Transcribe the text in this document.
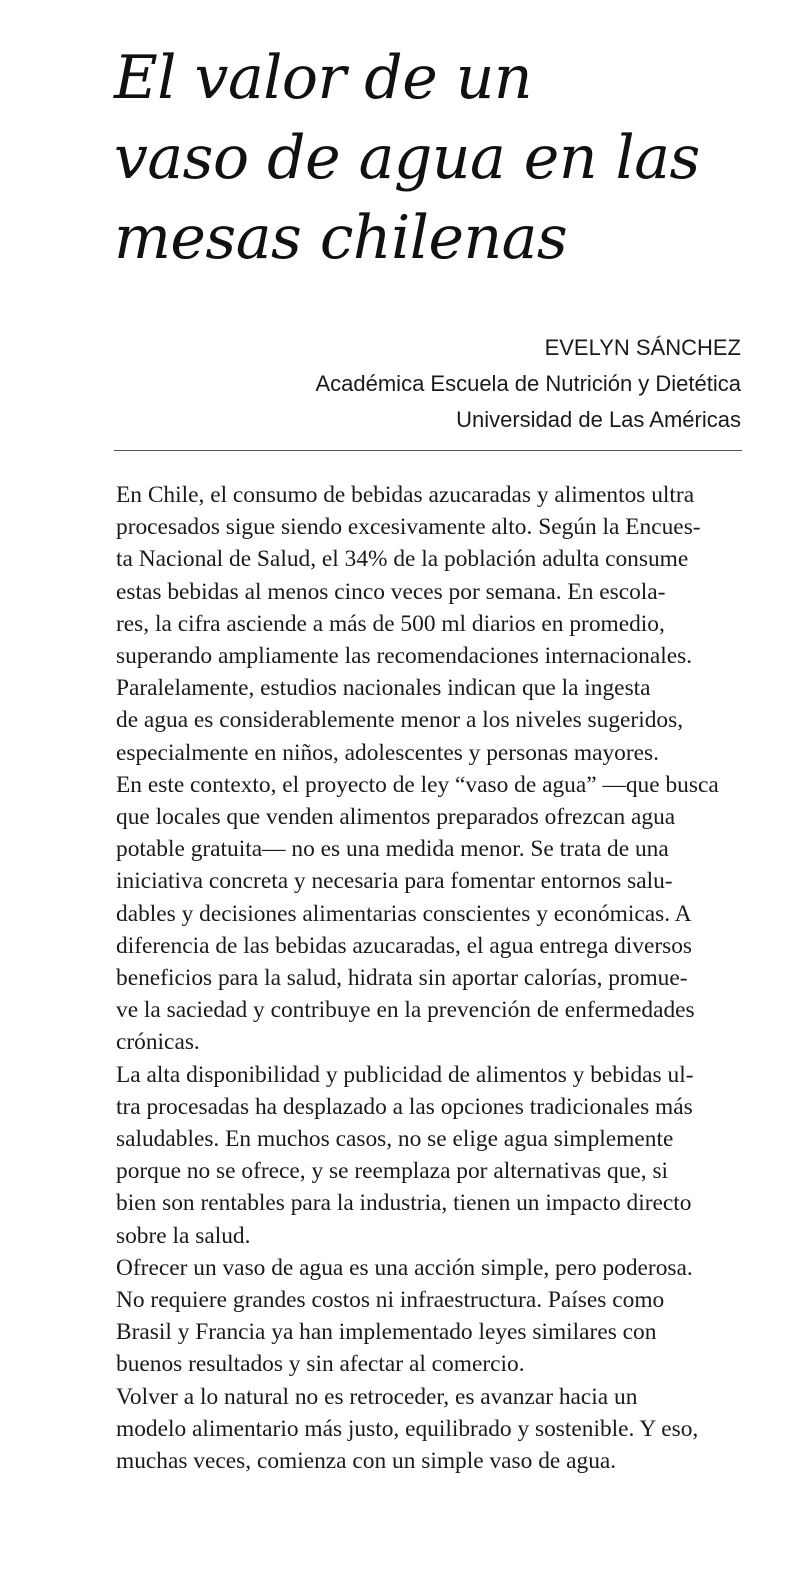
El valor de un
vaso de agua en las
mesas chilenas
EVELYN SÁNCHEZ
Académica Escuela de Nutrición y Dietética
Universidad de Las Américas

En Chile, el consumo de bebidas azucaradas y alimentos ultra
procesados sigue siendo excesivamente alto. Según la Encues-
ta Nacional de Salud, el 34% de la población adulta consume
estas bebidas al menos cinco veces por semana. En escola-
res, la cifra asciende a más de 500 ml diarios en promedio,
superando ampliamente las recomendaciones internacionales.
Paralelamente, estudios nacionales indican que la ingesta
de agua es considerablemente menor a los niveles sugeridos,
especialmente en niños, adolescentes y personas mayores.

En este contexto, el proyecto de ley “vaso de agua” —que busca
que locales que venden alimentos preparados ofrezcan agua
potable gratuita— no es una medida menor. Se trata de una
iniciativa concreta y necesaria para fomentar entornos salu-
dables y decisiones alimentarias conscientes y económicas. A
diferencia de las bebidas azucaradas, el agua entrega diversos
beneficios para la salud, hidrata sin aportar calorías, promue-
ve la saciedad y contribuye en la prevención de enfermedades
crónicas.

La alta disponibilidad y publicidad de alimentos y bebidas ul-
tra procesadas ha desplazado a las opciones tradicionales más
saludables. En muchos casos, no se elige agua simplemente
porque no se ofrece, y se reemplaza por alternativas que, si
bien son rentables para la industria, tienen un impacto directo
sobre la salud.

Ofrecer un vaso de agua es una acción simple, pero poderosa.
No requiere grandes costos ni infraestructura. Países como
Brasil y Francia ya han implementado leyes similares con
buenos resultados y sin afectar al comercio.

Volver a lo natural no es retroceder, es avanzar hacia un
modelo alimentario más justo, equilibrado y sostenible. Y eso,
muchas veces, comienza con un simple vaso de agua.
